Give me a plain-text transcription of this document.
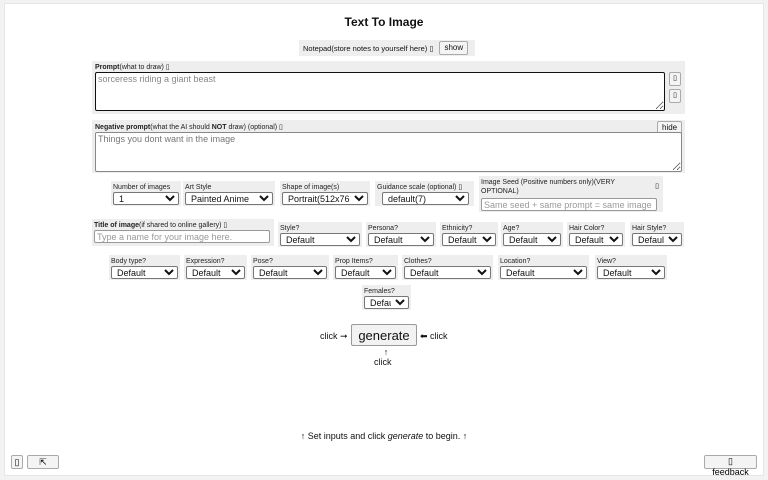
Text To Image
Notepad(store notes to yourself here) ▯	show
Prompt(what to draw) ▯
sorceress riding a giant beast
▯
▯
Negative prompt(what the AI should NOT draw) (optional) ▯	hide
Things you dont want in the image
Number of images
1	Art Style
Painted Anime	Shape of image(s)
Portrait(512x768px)	Guidance scale (optional) ▯
default(7)
Image Seed (Positive numbers only)(VERY OPTIONAL)
▯
Same seed + same prompt = same image
Title of image(if shared to online gallery) ▯
Type a name for your image here.	Style?
Default	Persona?
Default	Ethnicity?
Default	Age?
Default	Hair Color?
Default	Hair Style?
Default
Body type?
Default	Expression?
Default	Pose?
Default	Prop Items?
Default	Clothes?
Default	Location?
Default	View?
Default
Females?
Default
click ➞ generate	⬅ click
↑
click
↑ Set inputs and click generate to begin. ↑
▯	⇱	▯ feedback
